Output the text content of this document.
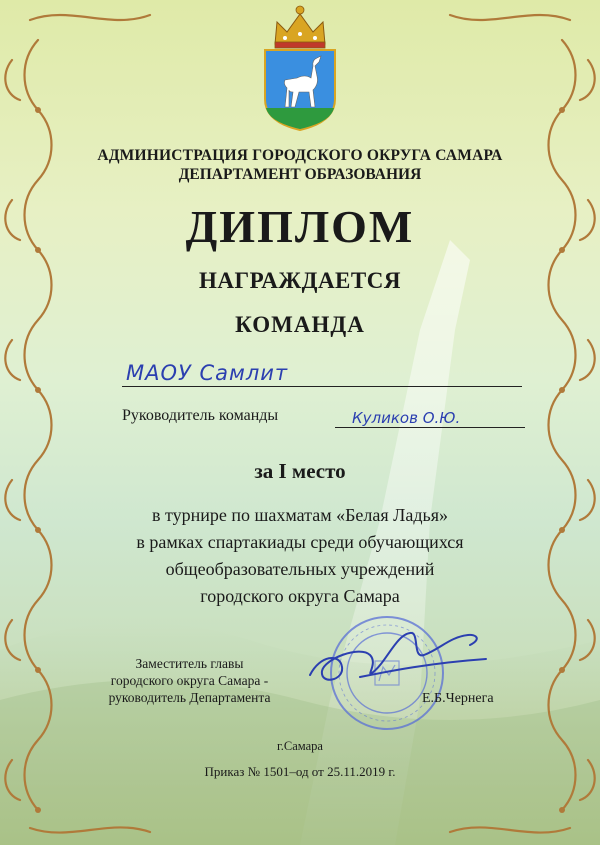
АДМИНИСТРАЦИЯ ГОРОДСКОГО ОКРУГА САМАРА
ДЕПАРТАМЕНТ ОБРАЗОВАНИЯ
ДИПЛОМ
НАГРАЖДАЕТСЯ
КОМАНДА
МАОУ Самлит
Руководитель команды	Куликов О.Ю.
за I место
в турнире по шахматам «Белая Ладья»
в рамках спартакиады среди обучающихся
общеобразовательных учреждений
городского округа Самара
Заместитель главы
городского округа Самара -
руководитель Департамента	Е.Б.Чернега
г.Самара
Приказ № 1501–од от 25.11.2019 г.
